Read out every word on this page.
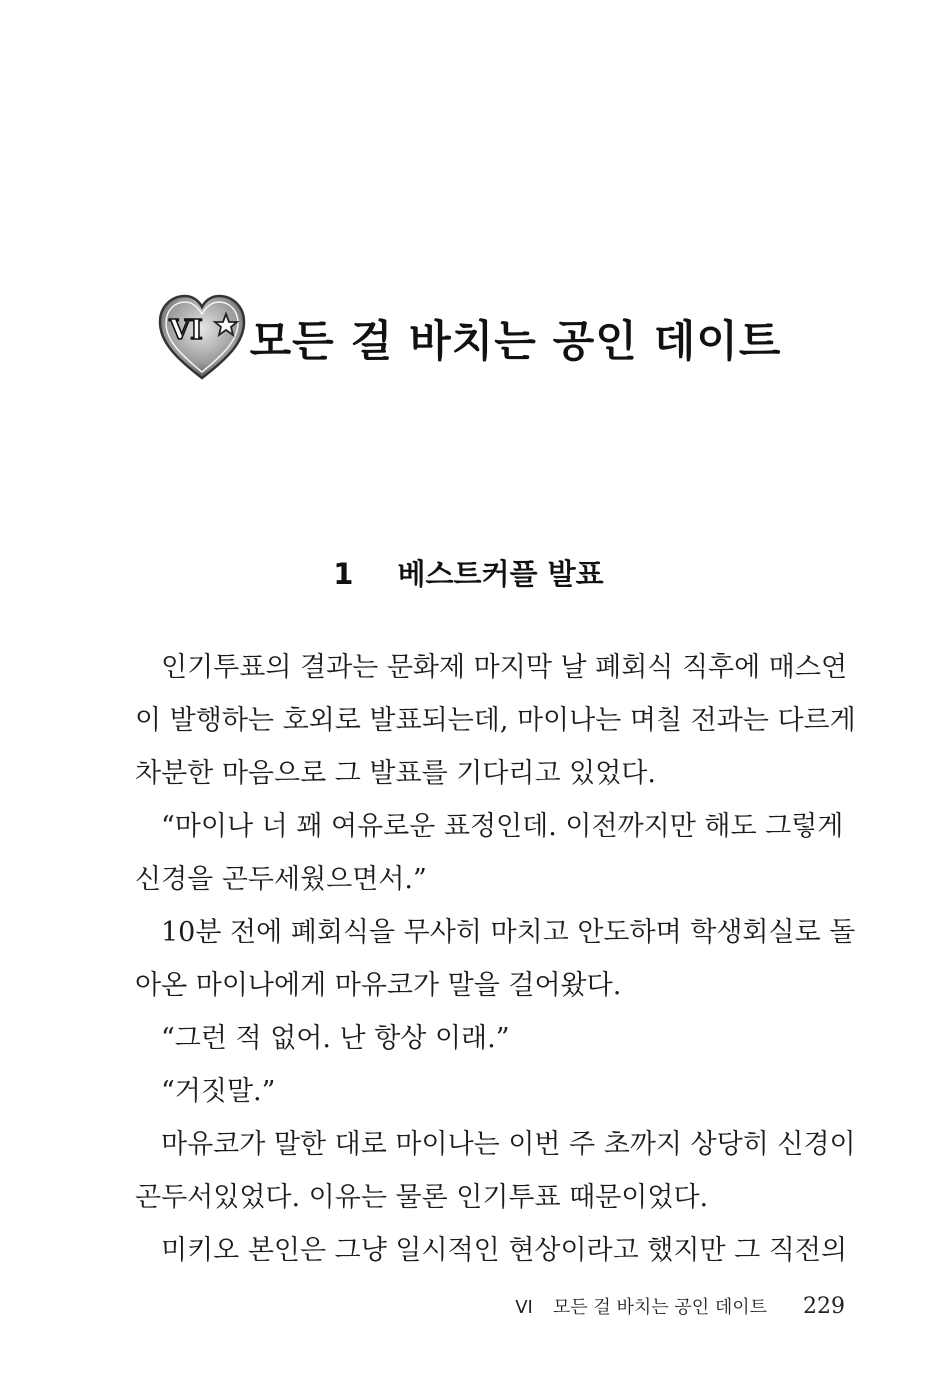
VI 모든 걸 바치는 공인 데이트
1 베스트커플 발표
인기투표의 결과는 문화제 마지막 날 폐회식 직후에 매스연
이 발행하는 호외로 발표되는데, 마이나는 며칠 전과는 다르게
차분한 마음으로 그 발표를 기다리고 있었다.
“마이나 너 꽤 여유로운 표정인데. 이전까지만 해도 그렇게
신경을 곤두세웠으면서.”
10분 전에 폐회식을 무사히 마치고 안도하며 학생회실로 돌
아온 마이나에게 마유코가 말을 걸어왔다.
“그런 적 없어. 난 항상 이래.”
“거짓말.”
마유코가 말한 대로 마이나는 이번 주 초까지 상당히 신경이
곤두서있었다. 이유는 물론 인기투표 때문이었다.
미키오 본인은 그냥 일시적인 현상이라고 했지만 그 직전의
VI 모든 걸 바치는 공인 데이트 229
